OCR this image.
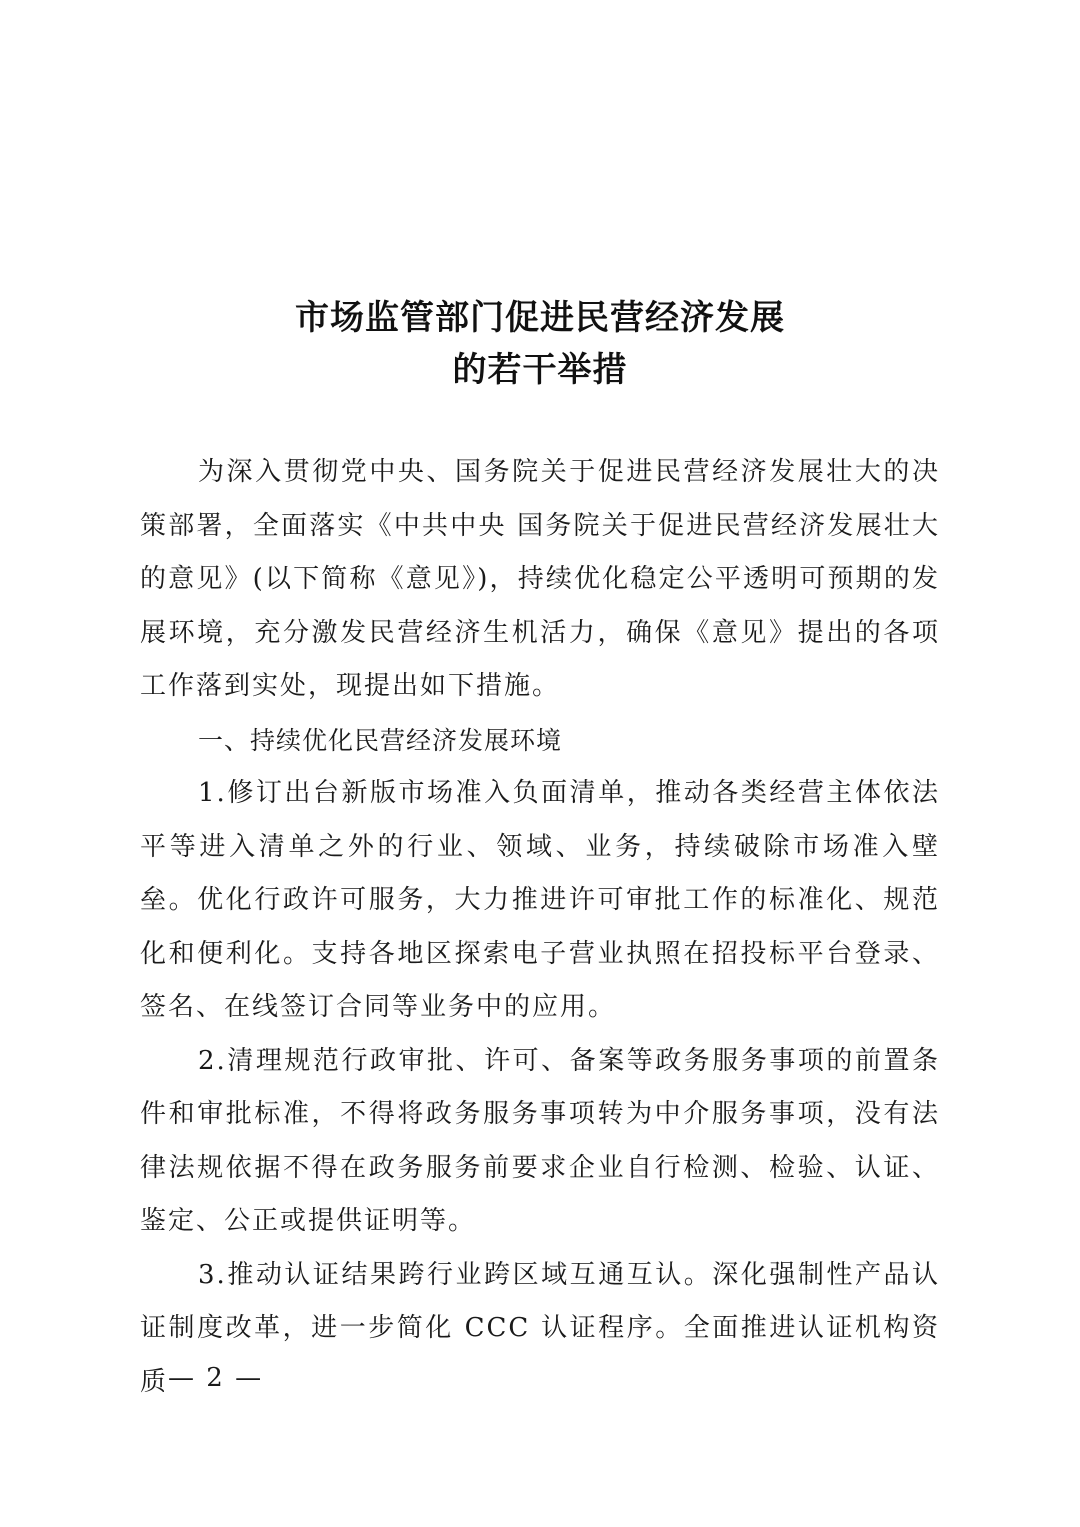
市场监管部门促进民营经济发展
的若干举措

为深入贯彻党中央、国务院关于促进民营经济发展壮大的决策部署，全面落实《中共中央 国务院关于促进民营经济发展壮大的意见》(以下简称《意见》)，持续优化稳定公平透明可预期的发展环境，充分激发民营经济生机活力，确保《意见》提出的各项工作落到实处，现提出如下措施。

一、持续优化民营经济发展环境

1.修订出台新版市场准入负面清单，推动各类经营主体依法平等进入清单之外的行业、领域、业务，持续破除市场准入壁垒。优化行政许可服务，大力推进许可审批工作的标准化、规范化和便利化。支持各地区探索电子营业执照在招投标平台登录、签名、在线签订合同等业务中的应用。

2.清理规范行政审批、许可、备案等政务服务事项的前置条件和审批标准，不得将政务服务事项转为中介服务事项，没有法律法规依据不得在政务服务前要求企业自行检测、检验、认证、鉴定、公正或提供证明等。

3.推动认证结果跨行业跨区域互通互认。深化强制性产品认证制度改革，进一步简化 CCC 认证程序。全面推进认证机构资质 — 2 —
